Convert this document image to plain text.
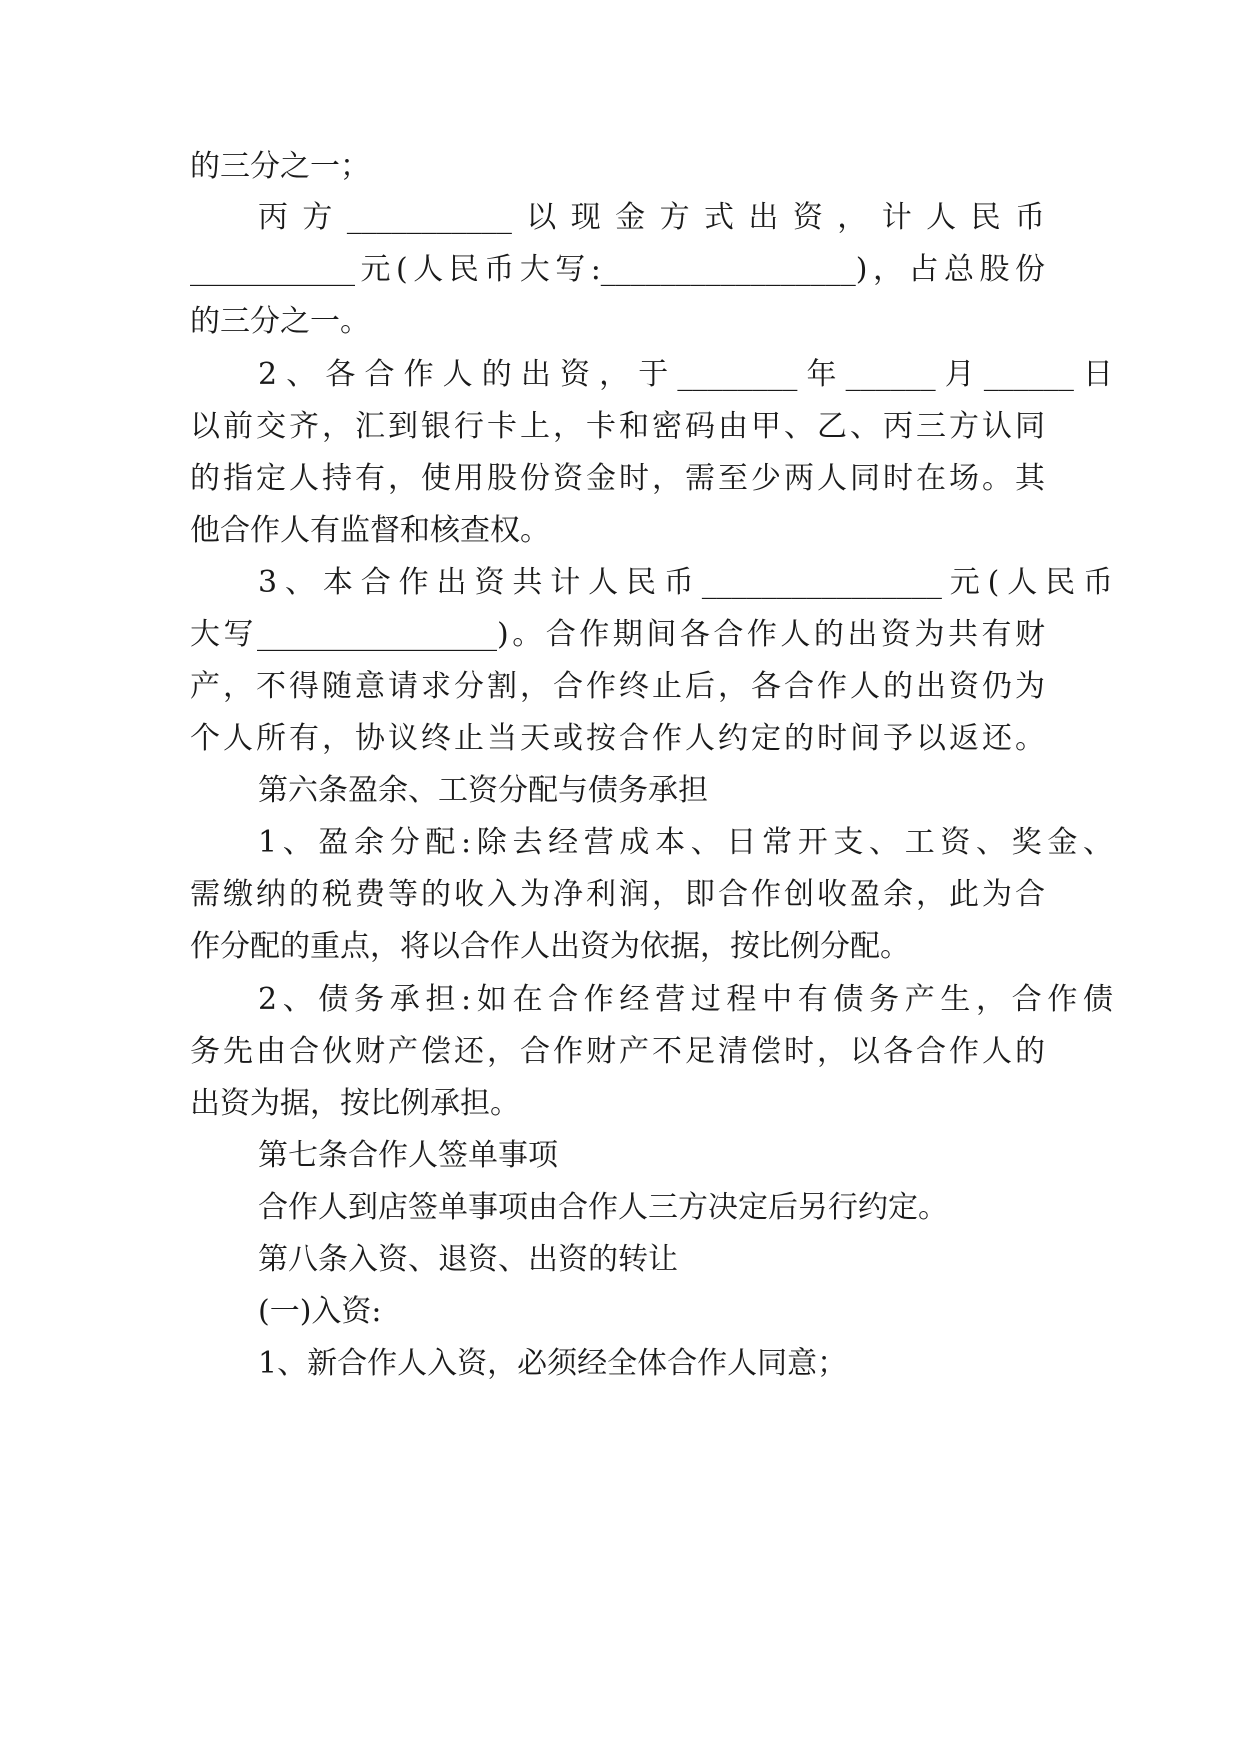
的三分之一；
丙方___________以现金方式出资，计人民币
___________元(人民币大写:_________________)，占总股份
的三分之一。
2、各合作人的出资，于________年______月______日
以前交齐，汇到银行卡上，卡和密码由甲、乙、丙三方认同
的指定人持有，使用股份资金时，需至少两人同时在场。其
他合作人有监督和核查权。
3、本合作出资共计人民币________________元(人民币
大写________________)。合作期间各合作人的出资为共有财
产，不得随意请求分割，合作终止后，各合作人的出资仍为
个人所有，协议终止当天或按合作人约定的时间予以返还。
第六条盈余、工资分配与债务承担
1、盈余分配:除去经营成本、日常开支、工资、奖金、
需缴纳的税费等的收入为净利润，即合作创收盈余，此为合
作分配的重点，将以合作人出资为依据，按比例分配。
2、债务承担:如在合作经营过程中有债务产生，合作债
务先由合伙财产偿还，合作财产不足清偿时，以各合作人的
出资为据，按比例承担。
第七条合作人签单事项
合作人到店签单事项由合作人三方决定后另行约定。
第八条入资、退资、出资的转让
(一)入资:
1、新合作人入资，必须经全体合作人同意；
